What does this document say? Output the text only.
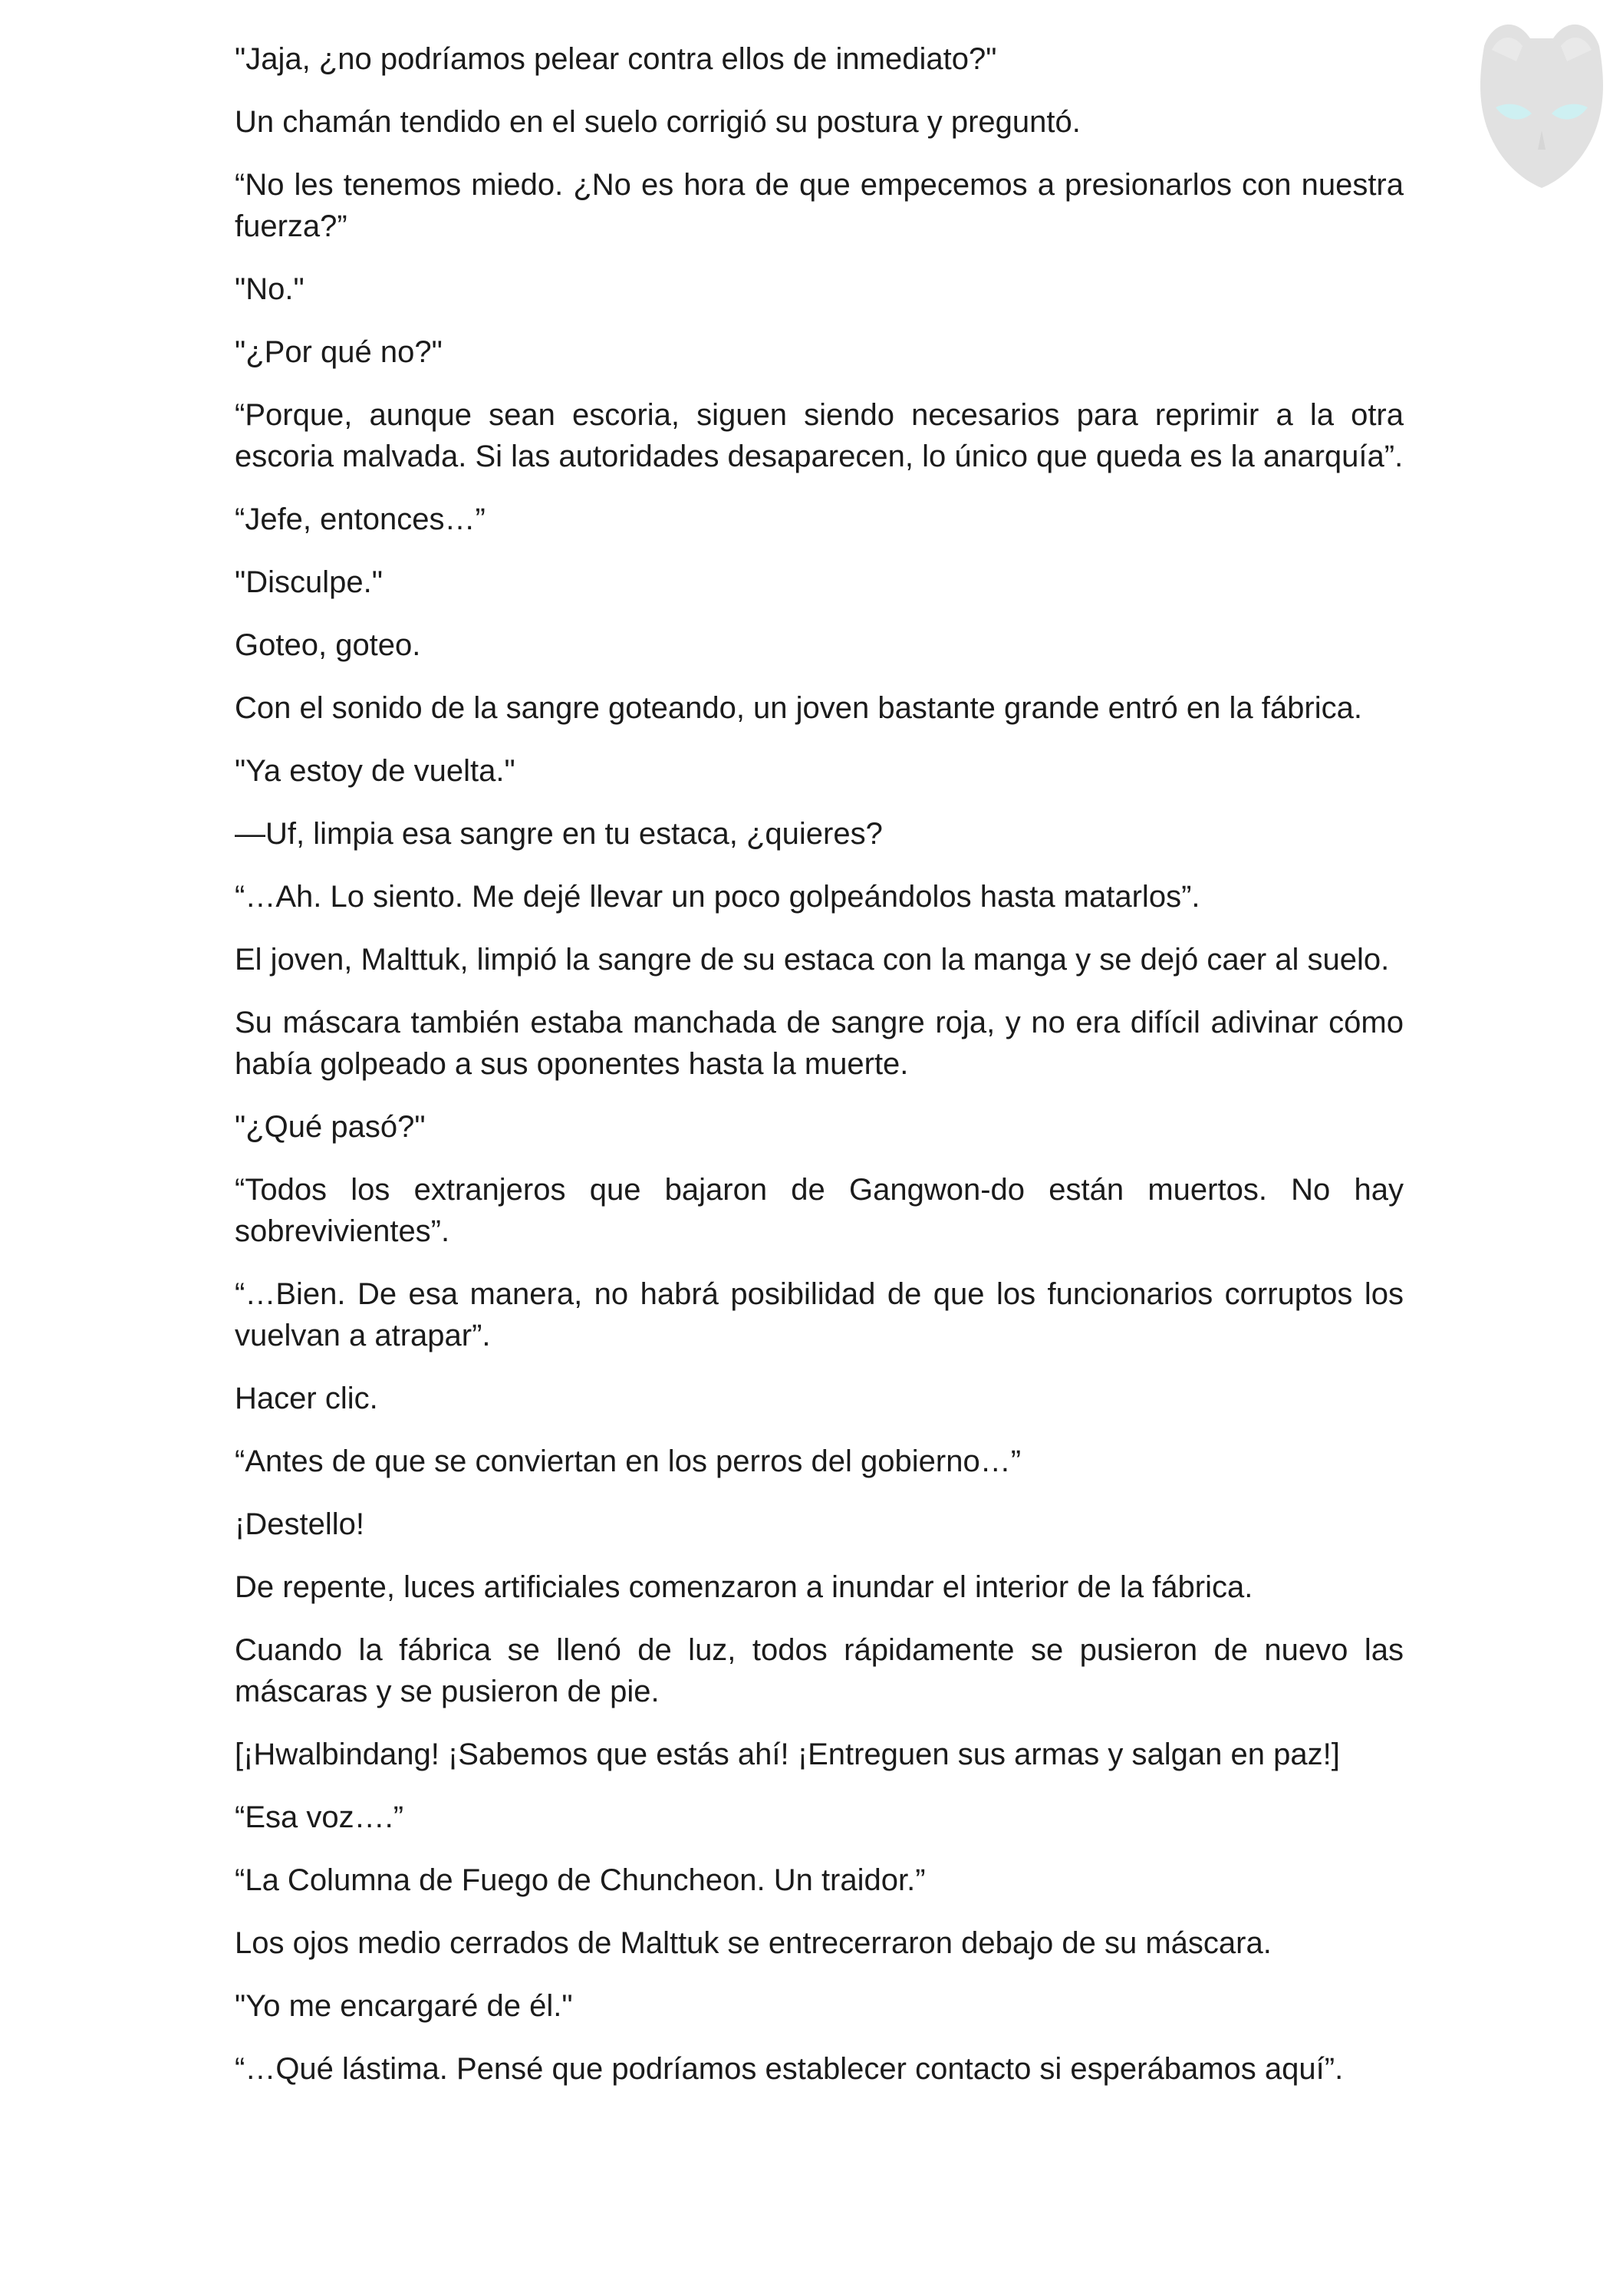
"Jaja, ¿no podríamos pelear contra ellos de inmediato?"

Un chamán tendido en el suelo corrigió su postura y preguntó.

“No les tenemos miedo. ¿No es hora de que empecemos a presionarlos con nuestra fuerza?”

"No."

"¿Por qué no?"

“Porque, aunque sean escoria, siguen siendo necesarios para reprimir a la otra escoria malvada. Si las autoridades desaparecen, lo único que queda es la anarquía”.

“Jefe, entonces…”

"Disculpe."

Goteo, goteo.

Con el sonido de la sangre goteando, un joven bastante grande entró en la fábrica.

"Ya estoy de vuelta."

—Uf, limpia esa sangre en tu estaca, ¿quieres?

“…Ah. Lo siento. Me dejé llevar un poco golpeándolos hasta matarlos”.

El joven, Malttuk, limpió la sangre de su estaca con la manga y se dejó caer al suelo.

Su máscara también estaba manchada de sangre roja, y no era difícil adivinar cómo había golpeado a sus oponentes hasta la muerte.

"¿Qué pasó?"

“Todos los extranjeros que bajaron de Gangwon-do están muertos. No hay sobrevivientes”.

“…Bien. De esa manera, no habrá posibilidad de que los funcionarios corruptos los vuelvan a atrapar”.

Hacer clic.

“Antes de que se conviertan en los perros del gobierno…”

¡Destello!

De repente, luces artificiales comenzaron a inundar el interior de la fábrica.

Cuando la fábrica se llenó de luz, todos rápidamente se pusieron de nuevo las máscaras y se pusieron de pie.

[¡Hwalbindang! ¡Sabemos que estás ahí! ¡Entreguen sus armas y salgan en paz!]

“Esa voz….”

“La Columna de Fuego de Chuncheon. Un traidor.”

Los ojos medio cerrados de Malttuk se entrecerraron debajo de su máscara.

"Yo me encargaré de él."

“…Qué lástima. Pensé que podríamos establecer contacto si esperábamos aquí”.
